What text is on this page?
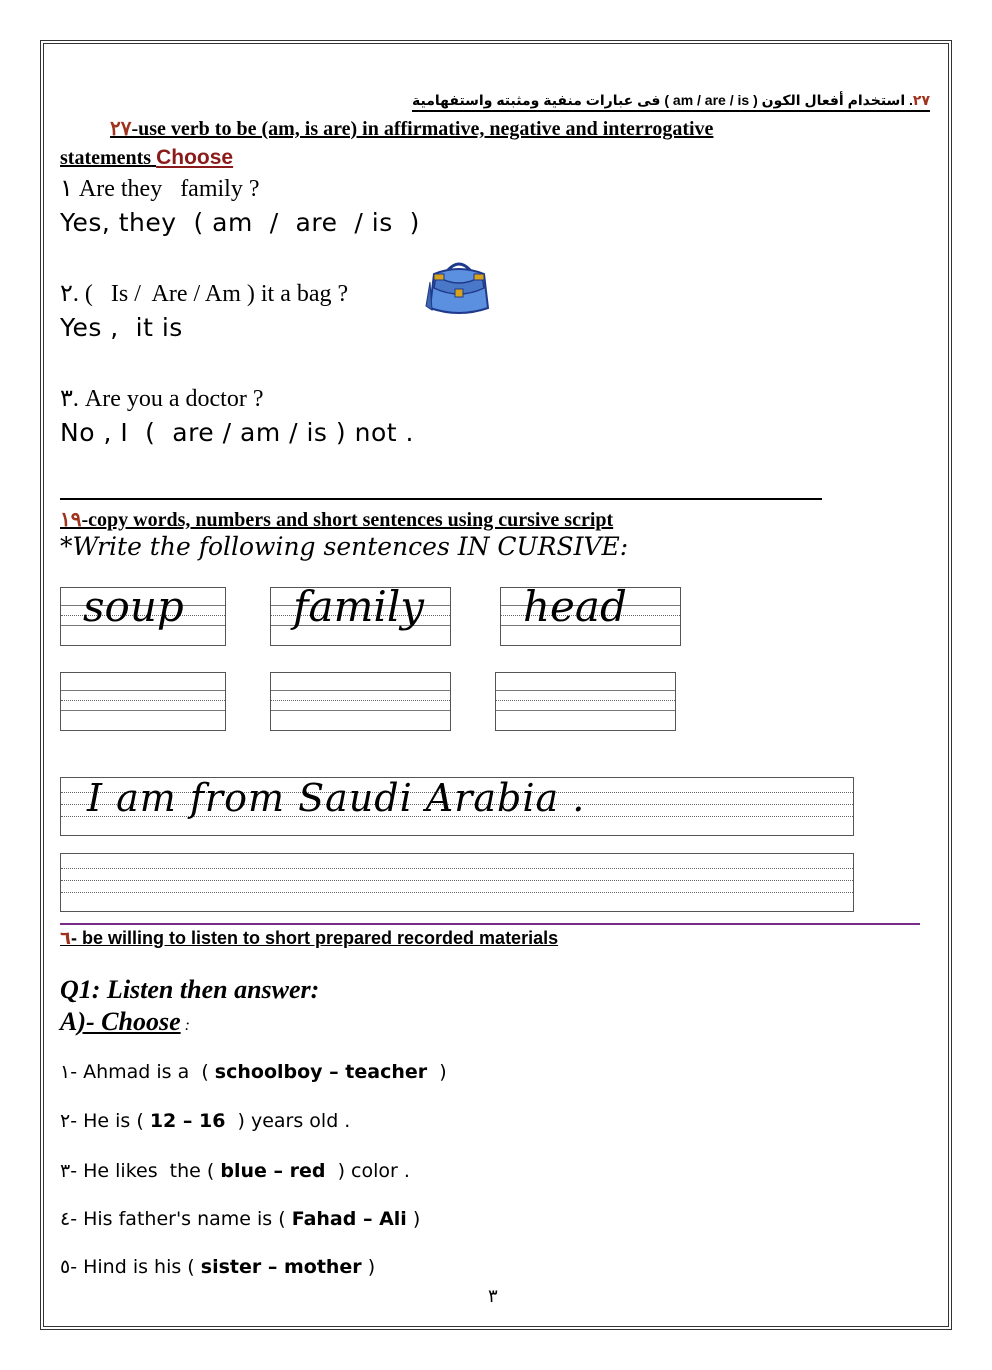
٢٧. استخدام أفعال الكون ( am / are / is ) فى عبارات منفية ومثبته واستفهامية
٢٧-use verb to be (am, is are) in affirmative, negative and interrogative
statements Choose
١ Are they   family ?
Yes, they  ( am  /  are  / is  )
٢. (   Is /  Are / Am ) it a bag ?
Yes ,  it is
٣. Are you a doctor ?
No , I  (  are / am / is ) not .
١٩-copy words, numbers and short sentences using cursive script
*Write the following sentences IN CURSIVE:
soup	family head
I am from Saudi Arabia .
٦- be willing to listen to short prepared recorded materials
Q1: Listen then answer:
A)- Choose :
١- Ahmad is a  ( schoolboy – teacher  )
٢- He is ( 12 – 16  ) years old .
٣- He likes  the ( blue – red  ) color .
٤- His father's name is ( Fahad – Ali )
٥- Hind is his ( sister – mother )
٣
